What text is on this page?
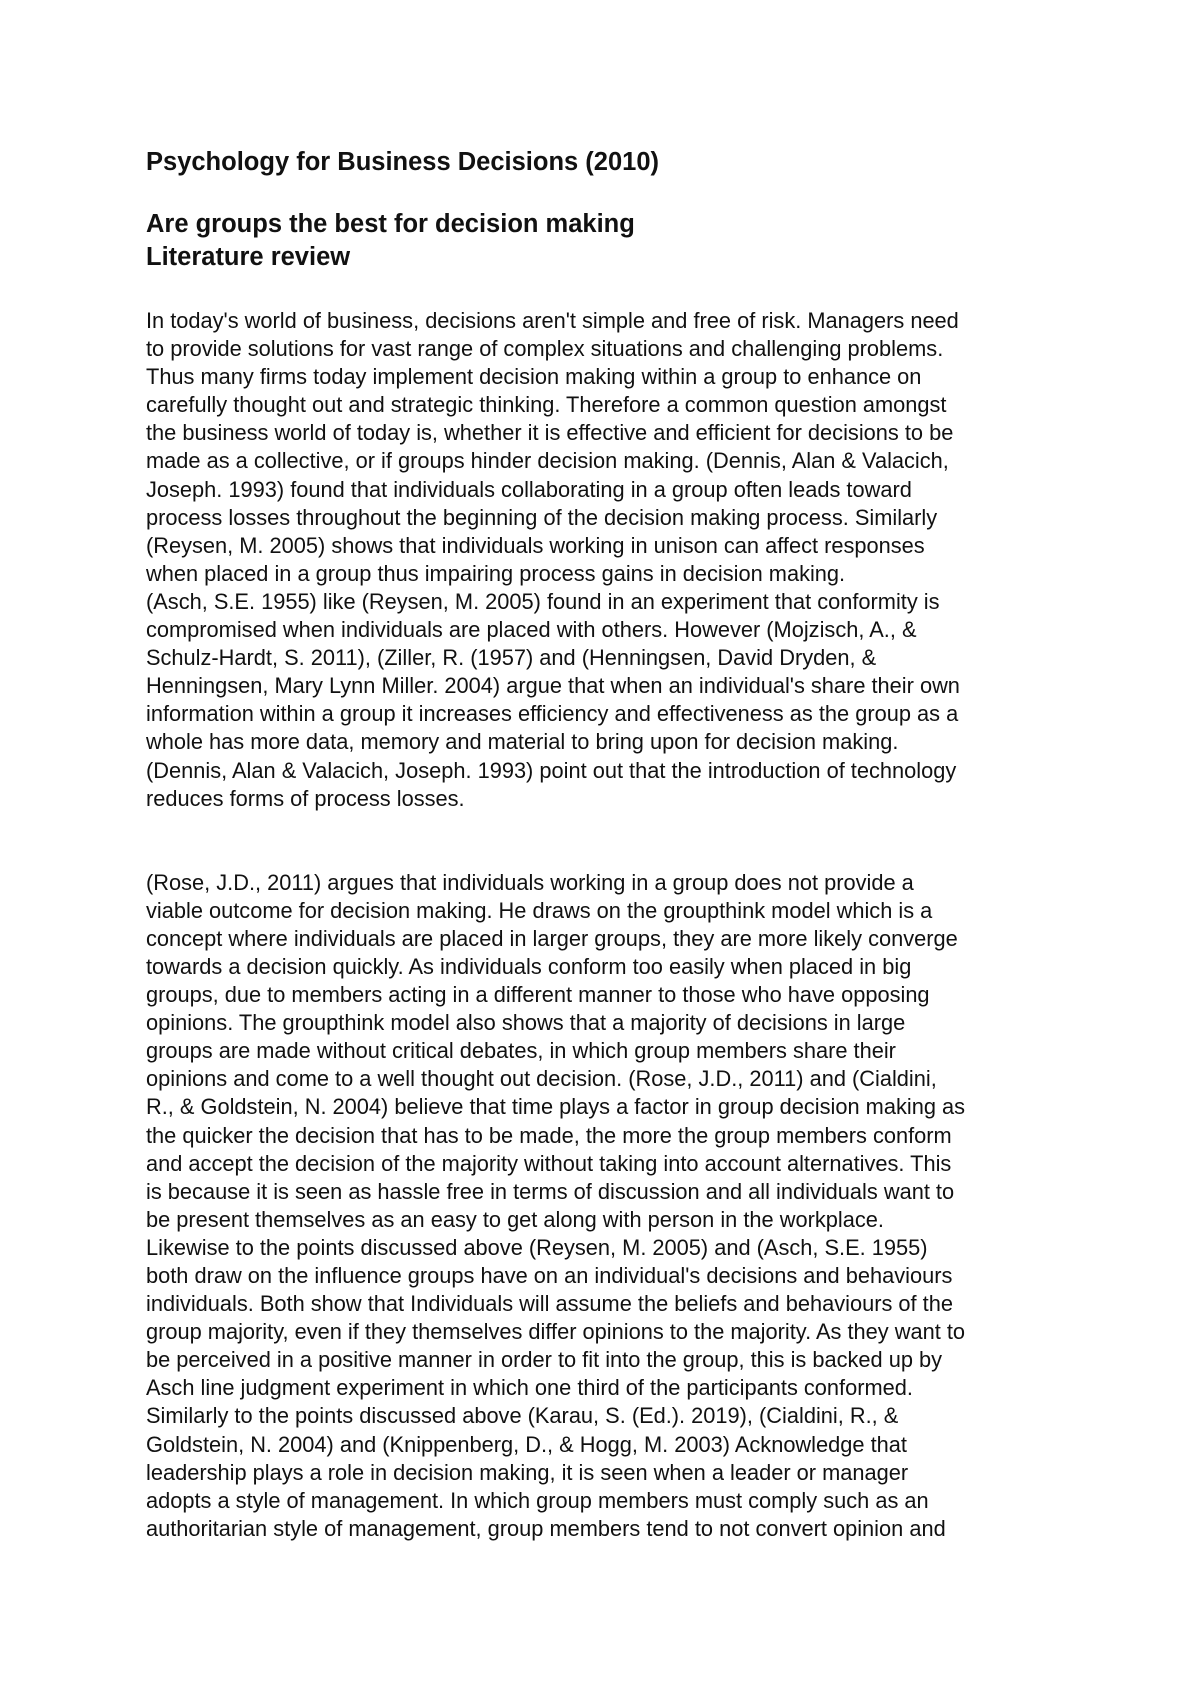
Psychology for Business Decisions (2010)
Are groups the best for decision making
Literature review
In today's world of business, decisions aren't simple and free of risk. Managers need
to provide solutions for vast range of complex situations and challenging problems.
Thus many firms today implement decision making within a group to enhance on
carefully thought out and strategic thinking. Therefore a common question amongst
the business world of today is, whether it is effective and efficient for decisions to be
made as a collective, or if groups hinder decision making. (Dennis, Alan & Valacich,
Joseph. 1993) found that individuals collaborating in a group often leads toward
process losses throughout the beginning of the decision making process. Similarly
(Reysen, M. 2005) shows that individuals working in unison can affect responses
when placed in a group thus impairing process gains in decision making.
(Asch, S.E. 1955) like (Reysen, M. 2005) found in an experiment that conformity is
compromised when individuals are placed with others. However (Mojzisch, A., &
Schulz-Hardt, S. 2011), (Ziller, R. (1957) and (Henningsen, David Dryden, &
Henningsen, Mary Lynn Miller. 2004) argue that when an individual's share their own
information within a group it increases efficiency and effectiveness as the group as a
whole has more data, memory and material to bring upon for decision making.
(Dennis, Alan & Valacich, Joseph. 1993) point out that the introduction of technology
reduces forms of process losses.
(Rose, J.D., 2011) argues that individuals working in a group does not provide a
viable outcome for decision making. He draws on the groupthink model which is a
concept where individuals are placed in larger groups, they are more likely converge
towards a decision quickly. As individuals conform too easily when placed in big
groups, due to members acting in a different manner to those who have opposing
opinions. The groupthink model also shows that a majority of decisions in large
groups are made without critical debates, in which group members share their
opinions and come to a well thought out decision. (Rose, J.D., 2011) and (Cialdini,
R., & Goldstein, N. 2004) believe that time plays a factor in group decision making as
the quicker the decision that has to be made, the more the group members conform
and accept the decision of the majority without taking into account alternatives. This
is because it is seen as hassle free in terms of discussion and all individuals want to
be present themselves as an easy to get along with person in the workplace.
Likewise to the points discussed above (Reysen, M. 2005) and (Asch, S.E. 1955)
both draw on the influence groups have on an individual's decisions and behaviours
individuals. Both show that Individuals will assume the beliefs and behaviours of the
group majority, even if they themselves differ opinions to the majority. As they want to
be perceived in a positive manner in order to fit into the group, this is backed up by
Asch line judgment experiment in which one third of the participants conformed.
Similarly to the points discussed above (Karau, S. (Ed.). 2019), (Cialdini, R., &
Goldstein, N. 2004) and (Knippenberg, D., & Hogg, M. 2003) Acknowledge that
leadership plays a role in decision making, it is seen when a leader or manager
adopts a style of management. In which group members must comply such as an
authoritarian style of management, group members tend to not convert opinion and
